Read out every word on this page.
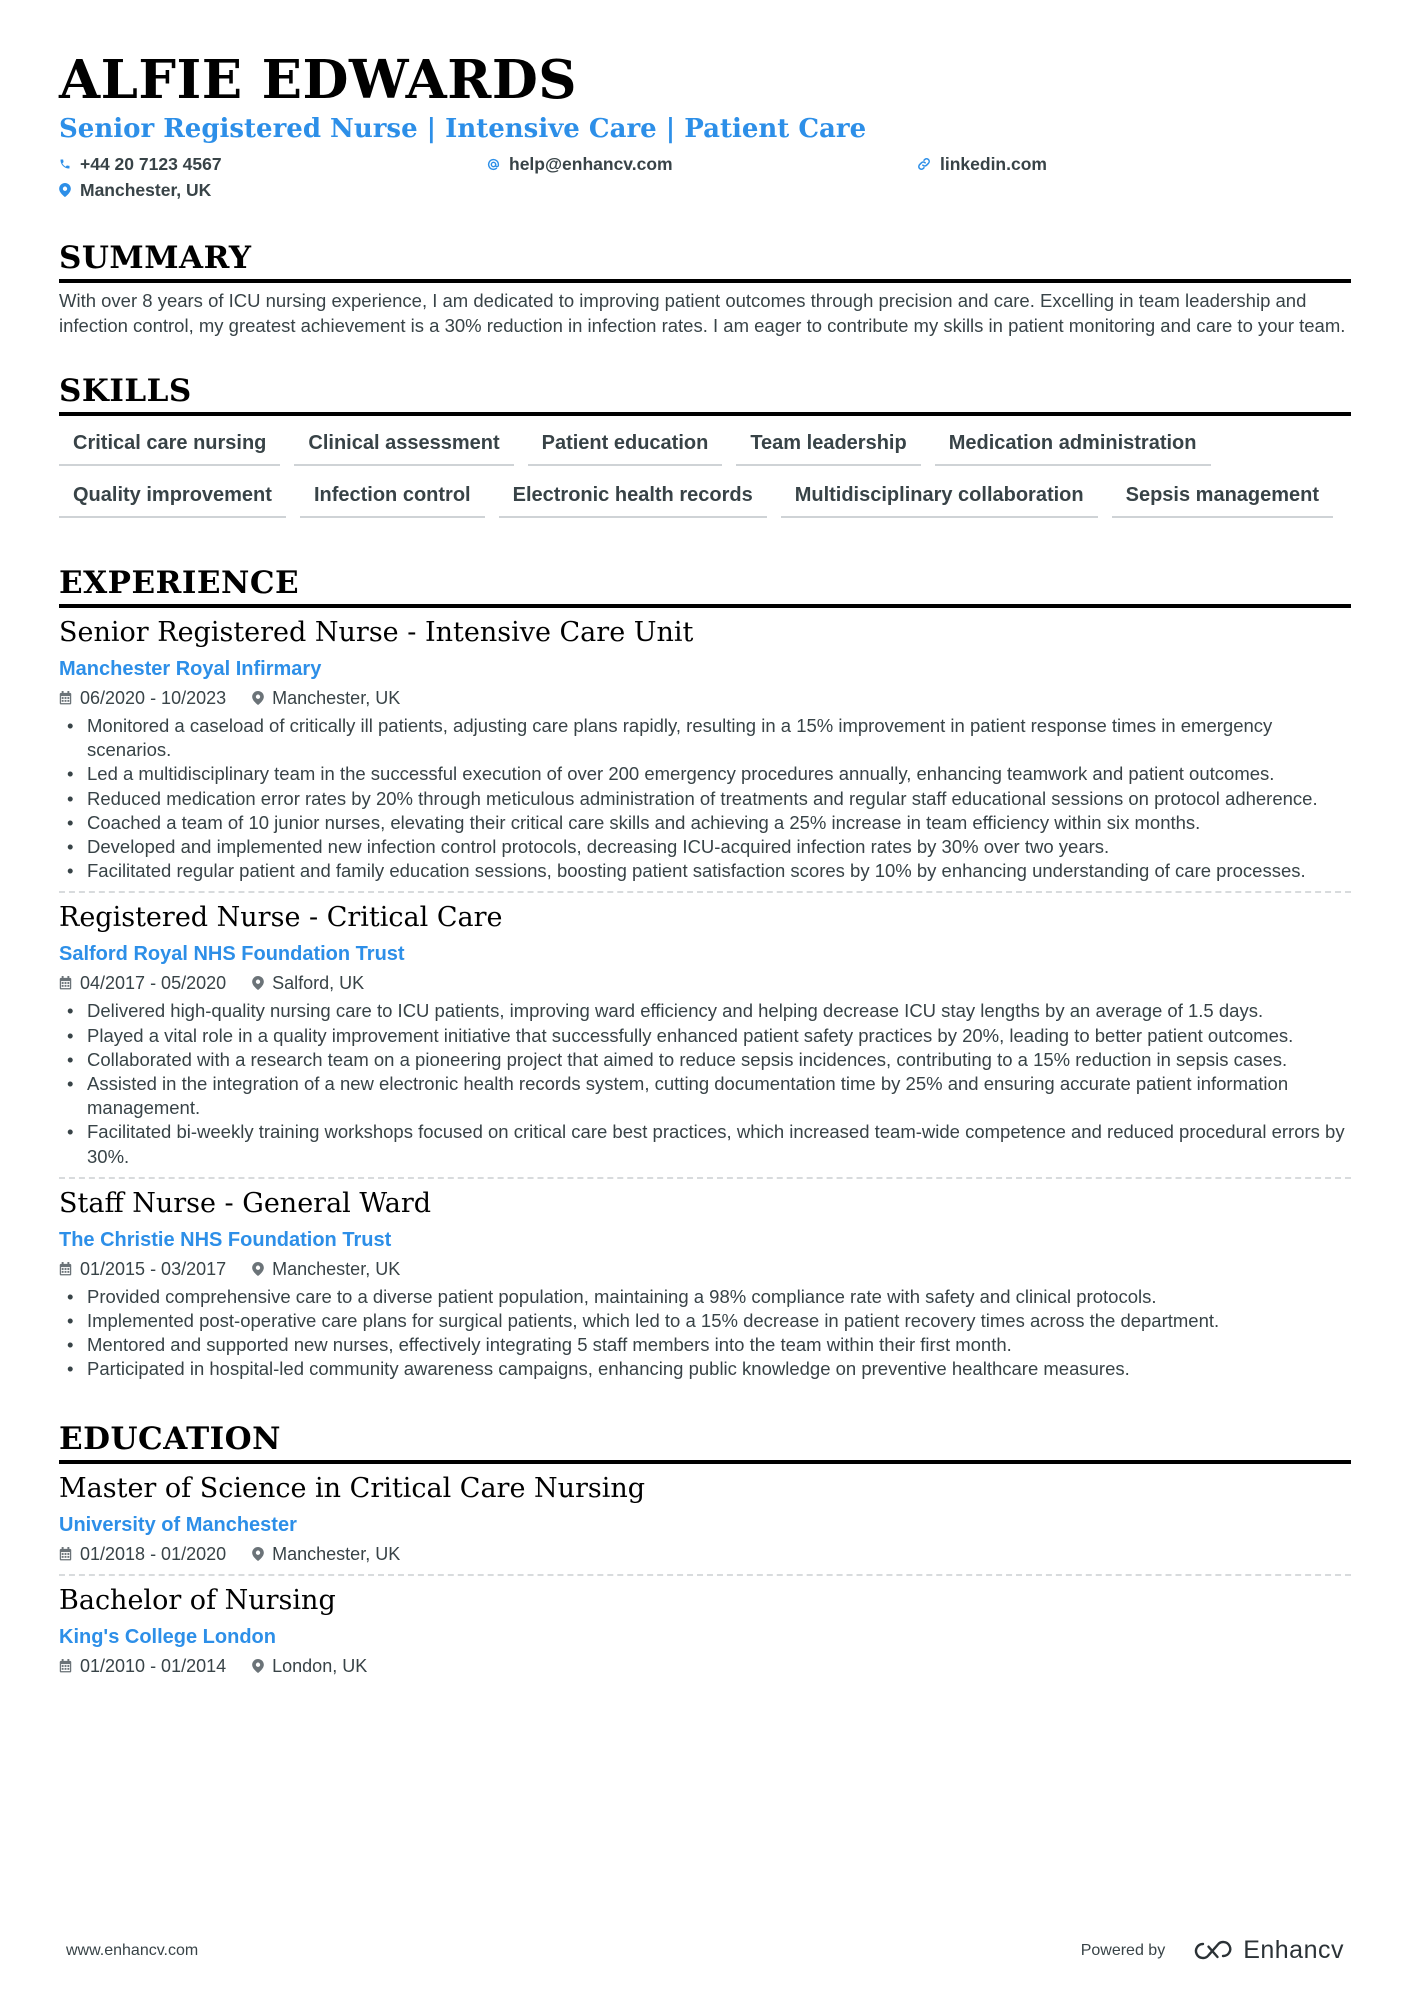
ALFIE EDWARDS
Senior Registered Nurse | Intensive Care | Patient Care
+44 20 7123 4567	help@enhancv.com	linkedin.com
Manchester, UK
SUMMARY
With over 8 years of ICU nursing experience, I am dedicated to improving patient outcomes through precision and care. Excelling in team leadership and infection control, my greatest achievement is a 30% reduction in infection rates. I am eager to contribute my skills in patient monitoring and care to your team.
SKILLS
Critical care nursing	Clinical assessment	Patient education	Team leadership	Medication administration
Quality improvement	Infection control	Electronic health records	Multidisciplinary collaboration	Sepsis management
EXPERIENCE
Senior Registered Nurse - Intensive Care Unit
Manchester Royal Infirmary
06/2020 - 10/2023	Manchester, UK
• Monitored a caseload of critically ill patients, adjusting care plans rapidly, resulting in a 15% improvement in patient response times in emergency scenarios.
• Led a multidisciplinary team in the successful execution of over 200 emergency procedures annually, enhancing teamwork and patient outcomes.
• Reduced medication error rates by 20% through meticulous administration of treatments and regular staff educational sessions on protocol adherence.
• Coached a team of 10 junior nurses, elevating their critical care skills and achieving a 25% increase in team efficiency within six months.
• Developed and implemented new infection control protocols, decreasing ICU-acquired infection rates by 30% over two years.
• Facilitated regular patient and family education sessions, boosting patient satisfaction scores by 10% by enhancing understanding of care processes.
Registered Nurse - Critical Care
Salford Royal NHS Foundation Trust
04/2017 - 05/2020	Salford, UK
• Delivered high-quality nursing care to ICU patients, improving ward efficiency and helping decrease ICU stay lengths by an average of 1.5 days.
• Played a vital role in a quality improvement initiative that successfully enhanced patient safety practices by 20%, leading to better patient outcomes.
• Collaborated with a research team on a pioneering project that aimed to reduce sepsis incidences, contributing to a 15% reduction in sepsis cases.
• Assisted in the integration of a new electronic health records system, cutting documentation time by 25% and ensuring accurate patient information management.
• Facilitated bi-weekly training workshops focused on critical care best practices, which increased team-wide competence and reduced procedural errors by 30%.
Staff Nurse - General Ward
The Christie NHS Foundation Trust
01/2015 - 03/2017	Manchester, UK
• Provided comprehensive care to a diverse patient population, maintaining a 98% compliance rate with safety and clinical protocols.
• Implemented post-operative care plans for surgical patients, which led to a 15% decrease in patient recovery times across the department.
• Mentored and supported new nurses, effectively integrating 5 staff members into the team within their first month.
• Participated in hospital-led community awareness campaigns, enhancing public knowledge on preventive healthcare measures.
EDUCATION
Master of Science in Critical Care Nursing
University of Manchester
01/2018 - 01/2020	Manchester, UK
Bachelor of Nursing
King's College London
01/2010 - 01/2014	London, UK
www.enhancv.com	Powered by	Enhancv
